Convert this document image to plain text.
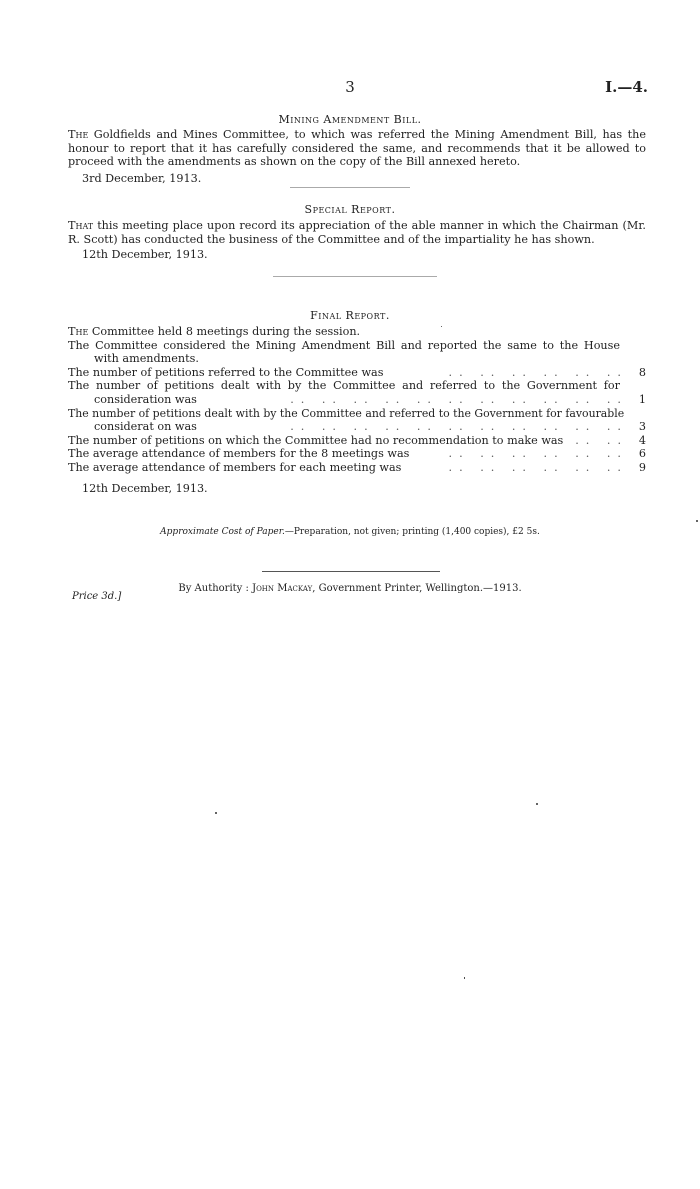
3	I.—4.
Mining Amendment Bill.
The Goldfields and Mines Committee, to which was referred the Mining Amendment Bill, has the honour to report that it has carefully considered the same, and recommends that it be allowed to proceed with the amendments as shown on the copy of the Bill annexed hereto.
3rd December, 1913.
Special Report.
That this meeting place upon record its appreciation of the able manner in which the Chairman (Mr. R. Scott) has conducted the business of the Committee and of the impartiality he has shown.
12th December, 1913.
Final Report.
The Committee held 8 meetings during the session.
The Committee considered the Mining Amendment Bill and reported the same to the House
with amendments.
The number of petitions referred to the Committee was	.. .. .. .. .. .. 8
The number of petitions dealt with by the Committee and referred to the Government for
consideration was	.. .. .. .. .. .. .. .. .. .. .. 1
The number of petitions dealt with by the Committee and referred to the Government for favourable
considerat on was	.. .. .. .. .. .. .. .. .. .. .. 3
The number of petitions on which the Committee had no recommendation to make was	.. .. 4
The average attendance of members for the 8 meetings was	.. .. .. .. .. .. 6
The average attendance of members for each meeting was	.. .. .. .. .. .. 9
12th December, 1913.
Approximate Cost of Paper.—Preparation, not given; printing (1,400 copies), £2 5s.
By Authority : John Mackay, Government Printer, Wellington.—1913.
Price 3d.]
